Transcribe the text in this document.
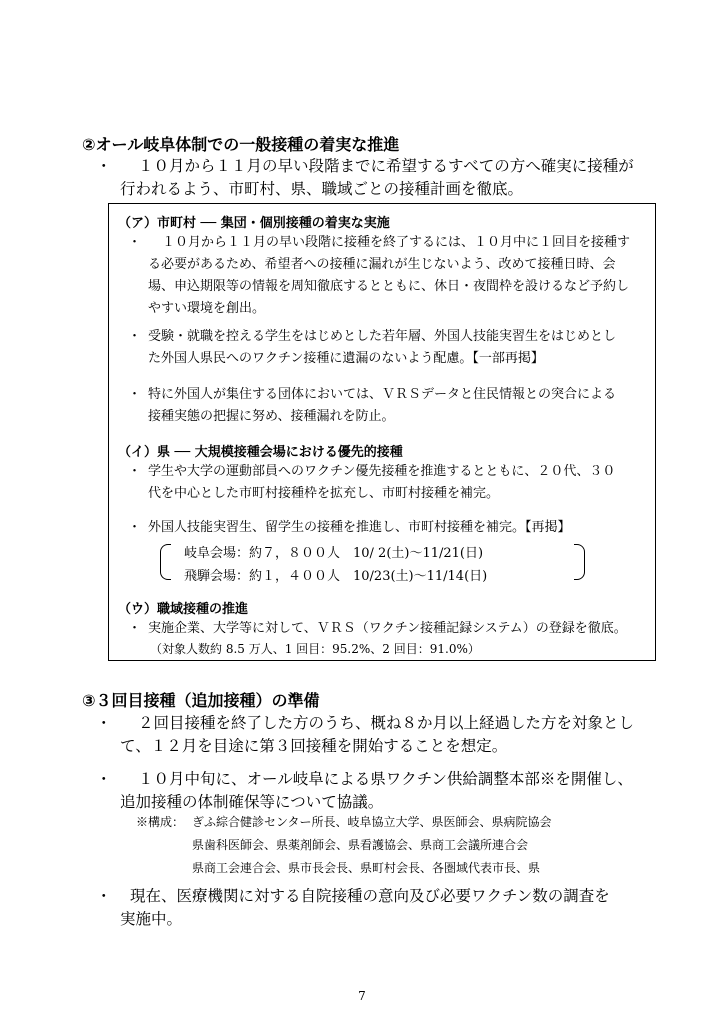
②オール岐阜体制での一般接種の着実な推進
・	１０月から１１月の早い段階までに希望するすべての方へ確実に接種が
行われるよう、市町村、県、職域ごとの接種計画を徹底。
（ア）市町村 ── 集団・個別接種の着実な実施
・	１０月から１１月の早い段階に接種を終了するには、１０月中に１回目を接種す
る必要があるため、希望者への接種に漏れが生じないよう、改めて接種日時、会
場、申込期限等の情報を周知徹底するとともに、休日・夜間枠を設けるなど予約し
やすい環境を創出。
・ 受験・就職を控える学生をはじめとした若年層、外国人技能実習生をはじめとし
た外国人県民へのワクチン接種に遺漏のないよう配慮。【一部再掲】
・ 特に外国人が集住する団体においては、ＶＲＳデータと住民情報との突合による
接種実態の把握に努め、接種漏れを防止。
（イ）県 ── 大規模接種会場における優先的接種
・ 学生や大学の運動部員へのワクチン優先接種を推進するとともに、２０代、３０
代を中心とした市町村接種枠を拡充し、市町村接種を補完。
・ 外国人技能実習生、留学生の接種を推進し、市町村接種を補完。【再掲】
岐阜会場：約７，８００人　10/ 2(土)～11/21(日)
飛騨会場：約１，４００人　10/23(土)～11/14(日)
（ウ）職域接種の推進
・ 実施企業、大学等に対して、ＶＲＳ（ワクチン接種記録システム）の登録を徹底。
（対象人数約 8.5 万人、1 回目：95.2%、2 回目：91.0%）
③３回目接種（追加接種）の準備
・	２回目接種を終了した方のうち、概ね８か月以上経過した方を対象とし
て、１２月を目途に第３回接種を開始することを想定。
・	１０月中旬に、オール岐阜による県ワクチン供給調整本部※を開催し、
追加接種の体制確保等について協議。
※構成： ぎふ綜合健診センター所長、岐阜協立大学、県医師会、県病院協会
県歯科医師会、県薬剤師会、県看護協会、県商工会議所連合会
県商工会連合会、県市長会長、県町村会長、各圏域代表市長、県
・	現在、医療機関に対する自院接種の意向及び必要ワクチン数の調査を
実施中。
7
